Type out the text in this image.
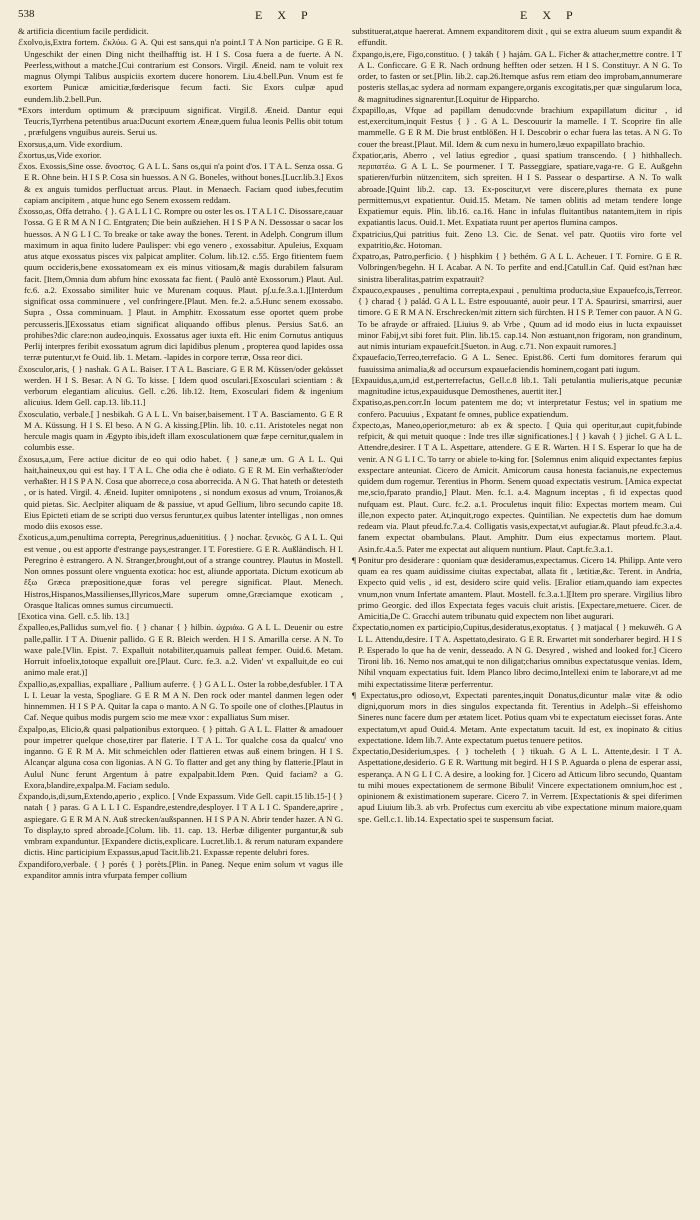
538	E X P	E X P

& artificia dicentium facile perdidicit.

ℰxolvo,is,Extra fortem. ℰκλύω. G A. Qui est sans,qui n'a point.I T A Non participe. G E R. Ungeschikt der einen Ding nicht theilhafftig ist. H I S. Cosa fuera a de fuerte. A N. Peerless,without a matche.[Cui contrarium est Consors. Virgil. Æneid. nam te voluit rex magnus Olympi Talibus auspiciis exortem ducere honorem. Liu.4.bell.Pun. Vnum est fe exortem Punicæ amicitiæ,fœderisque fecum facti. Sic Exors culpæ apud eundem.lib.2.bell.Pun.

*Exors interdum optimum & præcipuum significat. Virgil.8. Æneid. Dantur equi Teucris,Tyrrhena petentibus arua:Ducunt exortem Æneæ,quem fulua leonis Pellis obit totum , præfulgens vnguibus aureis. Serui us.

Exorsus,a,um. Vide exordium.

ℰxortus,us,Vide exorior.

ℰxos. Exossis,Sine osse. ἄνοστος. G A L L. Sans os,qui n'a point d'os. I T A L. Senza ossa. G E R. Ohne bein. H I S P. Cosa sin huessos. A N G. Boneles, without bones.[Lucr.lib.3.] Exos & ex anguis tumidos perfluctuat arcus. Plaut. in Menaech. Faciam quod iubes,fecutim capiam ancipitem , atque hunc ego Senem exossem reddam.

ℰxosso,as, Offa detraho. { }. G A L L I C. Rompre ou oster les os. I T A L I C. Disossare,cauar l'ossa. G E R M A N I C. Entgraten; Die bein außziehen. H I S P A N. Dessossar o sacar los huessos. A N G L I C. To breake or take away the bones. Terent. in Adelph. Congrum illum maximum in aqua finito ludere Paulisper: vbi ego venero , exossabitur. Apuleius, Exquam atus atque exossatus pisces vix palpicat ampliter. Colum. lib.12. c.55. Ergo fitientem fuem quum occideris,bene exossatomeam ex eis minus vitiosam,& magis durabilem falsuram facit. [Item,Omnia dum abfum hinc exossata fac fient. ( Paulò antè Exossorum.) Plaut. Aul. fc.6. a.2. Exossabo similiter huic ve Murenam coquus. Plaut. p∫.u.fe.3.a.1.][Interdum significat ossa comminuere , vel confringere.[Plaut. Men. fe.2. a.5.Hunc senem exossabo. Supra , Ossa comminuam. ] Plaut. in Amphitr. Exossatum esse oportet quem probe percusseris.][Exossatus etiam significat aliquando offibus plenus. Persius Sat.6. an prohibes?dic clare:non audeo,inquis. Exossatus ager iuxta eft. Hic enim Cornutus antiquus Perlij interpres feribit exossatum agrum dici lapidibus plenum , propterea quod lapides ossa terræ putentur,vt fe Ouid. lib. 1. Metam. -lapides in corpore terræ, Ossa reor dici.

ℰxosculor,aris, { } nashak. G A L. Baiser. I T A L. Basciare. G E R M. Küssen/oder geküsset werden. H I S. Besar. A N G. To kisse. [ Idem quod osculari.[Exosculari scientiam : & verborum elegantiam alicuius. Gell. c.26. lib.12. Item, Exosculari fidem & ingenium alicuius. Idem Gell. cap.13. lib.11.]

ℰxosculatio, verbale.[ ] nesbikah. G A L L. Vn baiser,baisement. I T A. Basciamento. G E R M A. Küssung. H I S. El beso. A N G. A kissing.[Plin. lib. 10. c.11. Aristoteles negat non hercule magis quam in Ægypto ibis,ideft illam exosculationem quæ fæpe cernitur,qualem in columbis esse.

ℰxosus,a,um, Fere actiue dicitur de eo qui odio habet. { } sane,æ um. G A L L. Qui hait,haineux,ou qui est hay. I T A L. Che odia che è odiato. G E R M. Ein verhaßter/oder verhaßter. H I S P A N. Cosa que aborrece,o cosa aborrecida. A N G. That hateth or detesteth , or is hated. Virgil. 4. Æneid. Iupiter omnipotens , si nondum exosus ad vnum, Troianos,& quid pietas. Sic. Aeclpiter aliquam de & passiue, vt apud Gellium, libro secundo capite 18. Eius Epicteti etiam de se scripti duo versus feruntur,ex quibus latenter intelligas , non omnes modo diis exosos esse.

ℰxoticus,a,um,penultima correpta, Peregrinus,aduenititius. { } nochar. ξενικὸς. G A L L. Qui est venue , ou est apporte d'estrange pays,estranger. I T. Forestiere. G E R. Außländisch. H I. Peregrino è estrangero. A N. Stranger,brought,out of a strange countrey. Plautus in Mostell. Non omnes possunt olere vnguenta exotica: hoc est, aliunde apportata. Dictum exoticum ab ἔξω Græca præpositione,quæ foras vel peregre significat. Plaut. Menech. Histros,Hispanos,Massilienses,Illyricos,Mare superum omne,Græciamque exoticam , Orasque Italicas omnes sumus circumuecti.

[Exotica vina. Gell. c.5. lib. 13.]

ℰxpalleo,es,Pallidus sum,vel fio. { } chanar { } hilbin. ὠχριάω. G A L L. Deuenir ou estre palle,pallir. I T A. Diuenir pallido. G E R. Bleich werden. H I S. Amarilla cerse. A N. To waxe pale.[Vlin. Epist. 7. Expalluit notabiliter,quamuis palleat femper. Ouid.6. Metam. Horruit infoelix,totoque expalluit ore.[Plaut. Curc. fe.3. a.2. Viden' vt expalluit,de eo cui animo male erat.)]

ℰxpallio,as,expallias, expalliare , Pallium auferre. { } G A L L. Oster la robbe,desfubler. I T A L I. Leuar la vesta, Spogliare. G E R M A N. Den rock oder mantel danmen legen oder hinnemmen. H I S P A. Quitar la capa o manto. A N G. To spoile one of clothes.[Plautus in Caf. Neque quibus modis purgem scio me meæ vxor : expalliatus Sum miser.

ℰxpalpo,as, Elicio,& quasi palpationibus extorqueo. { } pittah. G A L L. Flatter & amadouer pour impetrer quelque chose,tirer par flaterie. I T A L. Tor qualche cosa da qualcu' vno inganno. G E R M A. Mit schmeichlen oder flattieren etwas auß einem bringen. H I S. Alcançar alguna cosa con ligonias. A N G. To flatter and get any thing by flatterie.[Plaut in Aulul Nunc ferunt Argentum à patre expalpabit.Idem Pœn. Quid faciam? a G. Exora,blandire,expalpa.M. Faciam sedulo.

ℰxpando,is,di,sum,Extendo,aperio , explico. [ Vnde Expassum. Vide Gell. capit.15 lib.15-] { } natah { } paras. G A L L I C. Espandre,estendre,desployer. I T A L I C. Spandere,aprire , aspiegare. G E R M A N. Auß strecken/außspannen. H I S P A N. Abrir tender hazer. A N G. To display,to spred abroade.[Colum. lib. 11. cap. 13. Herbæ diligenter purgantur,& sub vmbram expanduntur. [Expandere dictis,explicare. Lucret.lib.1. & rerum naturam expandere dictis. Hinc participium Expassus,apud Tacit.lib.21. Expassæ repente delubri fores.

ℰxpandiforo,verbale. { } porés { } porèts.[Plin. in Paneg. Neque enim solum vt vagus ille expanditor amnis intra vfurpata femper collium

substituerat,atque haererat. Amnem expanditorem dixit , qui se extra alueum suum expandit & effundit.

ℰxpango,is,ere, Figo,constituo. { } takáh { } hajám. GA L. Ficher & attacher,mettre contre. I T A L. Conficcare. G E R. Nach ordnung hefften oder setzen. H I S. Constituyr. A N G. To order, to fasten or set.[Plin. lib.2. cap.26.Itemque asfus rem etiam deo improbam,annumerare posteris stellas,ac sydera ad normam expangere,organis excogitatis,per quæ singularum loca, & magnitudines signarentur.[Loquitur de Hipparcho.

ℰxpapillo,as, Vfque ad papillam denudo:vnde brachium expapillatum dicitur , id est,exercitum,inquit Festus { } . G A L. Descouurir la mamelle. I T. Scoprire fin alle mammelle. G E R M. Die brust entblößen. H I. Descobrir o echar fuera las tetas. A N G. To couer the breast.[Plaut. Mil. Idem & cum nexu in humero,læuo expapillato brachio.

ℰxpatior,aris, Aberro , vel latius egredior , quasi spatium transcendo. { } hithhallech. περιπατέω. G A L L. Se pourmener. I T. Passeggiare, spatiare,vaga-re. G E. Außgehn spatieren/furbin nützen:item, sich spreiten. H I S. Passear o despartirse. A N. To walk abroade.[Quint lib.2. cap. 13. Ex-poscitur,vt vere discere,plures themata ex pune permittemus,vt expatientur. Ouid.15. Metam. Ne tamen oblitis ad metam tendere longe Expatiemur equis. Plin. lib.16. ca.16. Hanc in infulas fluitantibus natantem,item in ripis expatiantis lacus. Ouid.1. Met. Expatiata ruunt per apertos flumina campos.

ℰxpatricius,Qui patritius fuit. Zeno l.3. Cic. de Senat. vel patr. Quotiis viro forte vel expatritio,&c. Hotoman.

ℰxpatro,as, Patro,perficio. { } hisphkim { } bethém. G A L L. Acheuer. I T. Fornire. G E R. Volbringen/begehn. H I. Acabar. A N. To perfite and end.[Catull.in Caf. Quid est?nan hæc sinistra liberalitas,patrim expatrauit?

ℰxpauco,expauses , penultima correpta,expaui , penultima producta,siue Expauefco,is,Terreor. { } charad { } palád. G A L L. Estre espouuanté, auoir peur. I T A. Spaurirsi, smarrirsi, auer timore. G E R M A N. Erschrecken/mit zittern sich fürchten. H I S P. Temer con pauor. A N G. To be afrayde or affraied. [Liuius 9. ab Vrbe , Quum ad id modo eius in lucta expauisset minor Fabij,vt sibi foret fuit. Plin. lib.15. cap.14. Non æstuant,non frigoram, non grandinum, aut nimis inturiam expauefcit.[Sueton. in Aug. c.71. Non expauit rumores.]

ℰxpauefacio,Terreo,terrefacio. G A L. Senec. Epist.86. Certi fum domitores ferarum qui fuauissima animalia,& ad occursum expauefaciendis hominem,cogant pati iugum.

[Expauidus,a,um,id est,perterrefactus, Gell.c.8 lib.1. Tali petulantia mulieris,atque pecuniæ magnitudine ictus,expauidusque Demosthenes, auertit iter.]

ℰxpatiso,as,pen.corr.In locum patentem me do; vt interpretatur Festus; vel in spatium me confero. Pacuuius , Expatant fe omnes, publice expatiendum.

ℰxpecto,as, Maneo,operior,meturo: ab ex & specto. [ Quia qui operitur,aut cupit,fubinde refpicit, & qui metuit quoque : Inde tres illæ significationes.] { } kavah { } jichel. G A L L. Attendre,desirer. I T A L. Aspettare, attendere. G E R. Warten. H I S. Esperar lo que ha de venir. A N G L I C. To tarry or abiele to-king for. [Solemnus enim aliquid expectantes fæpius exspectare anteuniat. Cicero de Amicit. Amicorum causa honesta facianuis,ne expectemus quidem dum rogemur. Terentius in Phorm. Senem quoad expectatis vestrum. [Amica expectat me,scio,fparato prandio,] Plaut. Men. fc.1. a.4. Magnum inceptas , fi id expectas quod nufquam est. Plaut. Curc. fc.2. a.1. Proculetus inquit filio: Expectas mortem meam. Cui ille,non expecto pater. At,inquit,rogo expectes. Quintilian. Ne expectetis dum hae domum redeam via. Plaut pfeud.fc.7.a.4. Colligatis vasis,expectat,vt aufugiar.&. Plaut pfeud.fc.3.a.4. fanem expectat obambulans. Plaut. Amphitr. Dum eius expectamus mortem. Plaut. Asin.fc.4.a.5. Pater me expectat aut aliquem nuntium. Plaut. Capt.fc.3.a.1.

¶ Ponitur pro desiderare : quoniam quæ desideramus,expectamus. Cicero 14. Philipp. Ante vero quam ea res quam auidissime ciuitas expectabat, allata fit , lætitiæ,&c. Terent. in Andria, Expecto quid velis , id est, desidero scire quid velis. [Eralior etiam,quando iam expectes vnum,non vnum Infertate amantem. Plaut. Mostell. fc.3.a.1.][Item pro sperare. Virgilius libro primo Georgic. ded illos Expectata feges vacuis cluit aristis. [Expectare,metuere. Cicer. de Amicitia,De C. Gracchi autem tribunatu quid expectem non libet augurari.

ℰxpectatio,nomen ex participio,Cupitus,desideratus,exoptatus. { } matjacal { } mekuwéh. G A L L. Attendu,desire. I T A. Aspettato,desirato. G E R. Erwartet mit sonderbarer begird. H I S P. Esperado lo que ha de venir, desseado. A N G. Desyred , wished and looked for.] Cicero Tironi lib. 16. Nemo nos amat,qui te non diligat;charius omnibus expectatusque venias. Idem, Nihil vnquam expectatius fuit. Idem Planco libro decimo,Intellexi enim te laborare,vt ad me mihi expectatissime literæ perferrentur.

¶ Expectatus,pro odioso,vt, Expectati parentes,inquit Donatus,dicuntur malæ vitæ & odio digni,quorum mors in dies singulos expectanda fit. Terentius in Adelph.–Si effeishomo Sineres nunc facere dum per ætatem licet. Potius quam vbi te expectatum eiecisset foras. Ante expectatum,vt apud Ouid.4. Metam. Ante expectatum tacuit. Id est, ex inopinato & citius expectatione. Idem lib.7. Ante expectatum puetus tenuere petitos.

ℰxpectatio,Desiderium,spes. { } tocheleth { } tikuah. G A L L. Attente,desir. I T A. Aspettatione,desiderio. G E R. Warttung mit begird. H I S P. Aguarda o plena de esperar assi, esperança. A N G L I C. A desire, a looking for. ] Cicero ad Atticum libro secundo, Quantam tu mihi moues expectationem de sermone Bibuli! Vincere expectationem omnium,hoc est , opinionem & existimationem superare. Cicero 7. in Verrem. [Expectationis & spei diferimen apud Liuium lib.3. ab vrb. Profectus cum exercitu ab vibe expectatione minum maiore,quam spe. Gell.c.1. lib.14. Expectatio spei te suspensum faciat.
